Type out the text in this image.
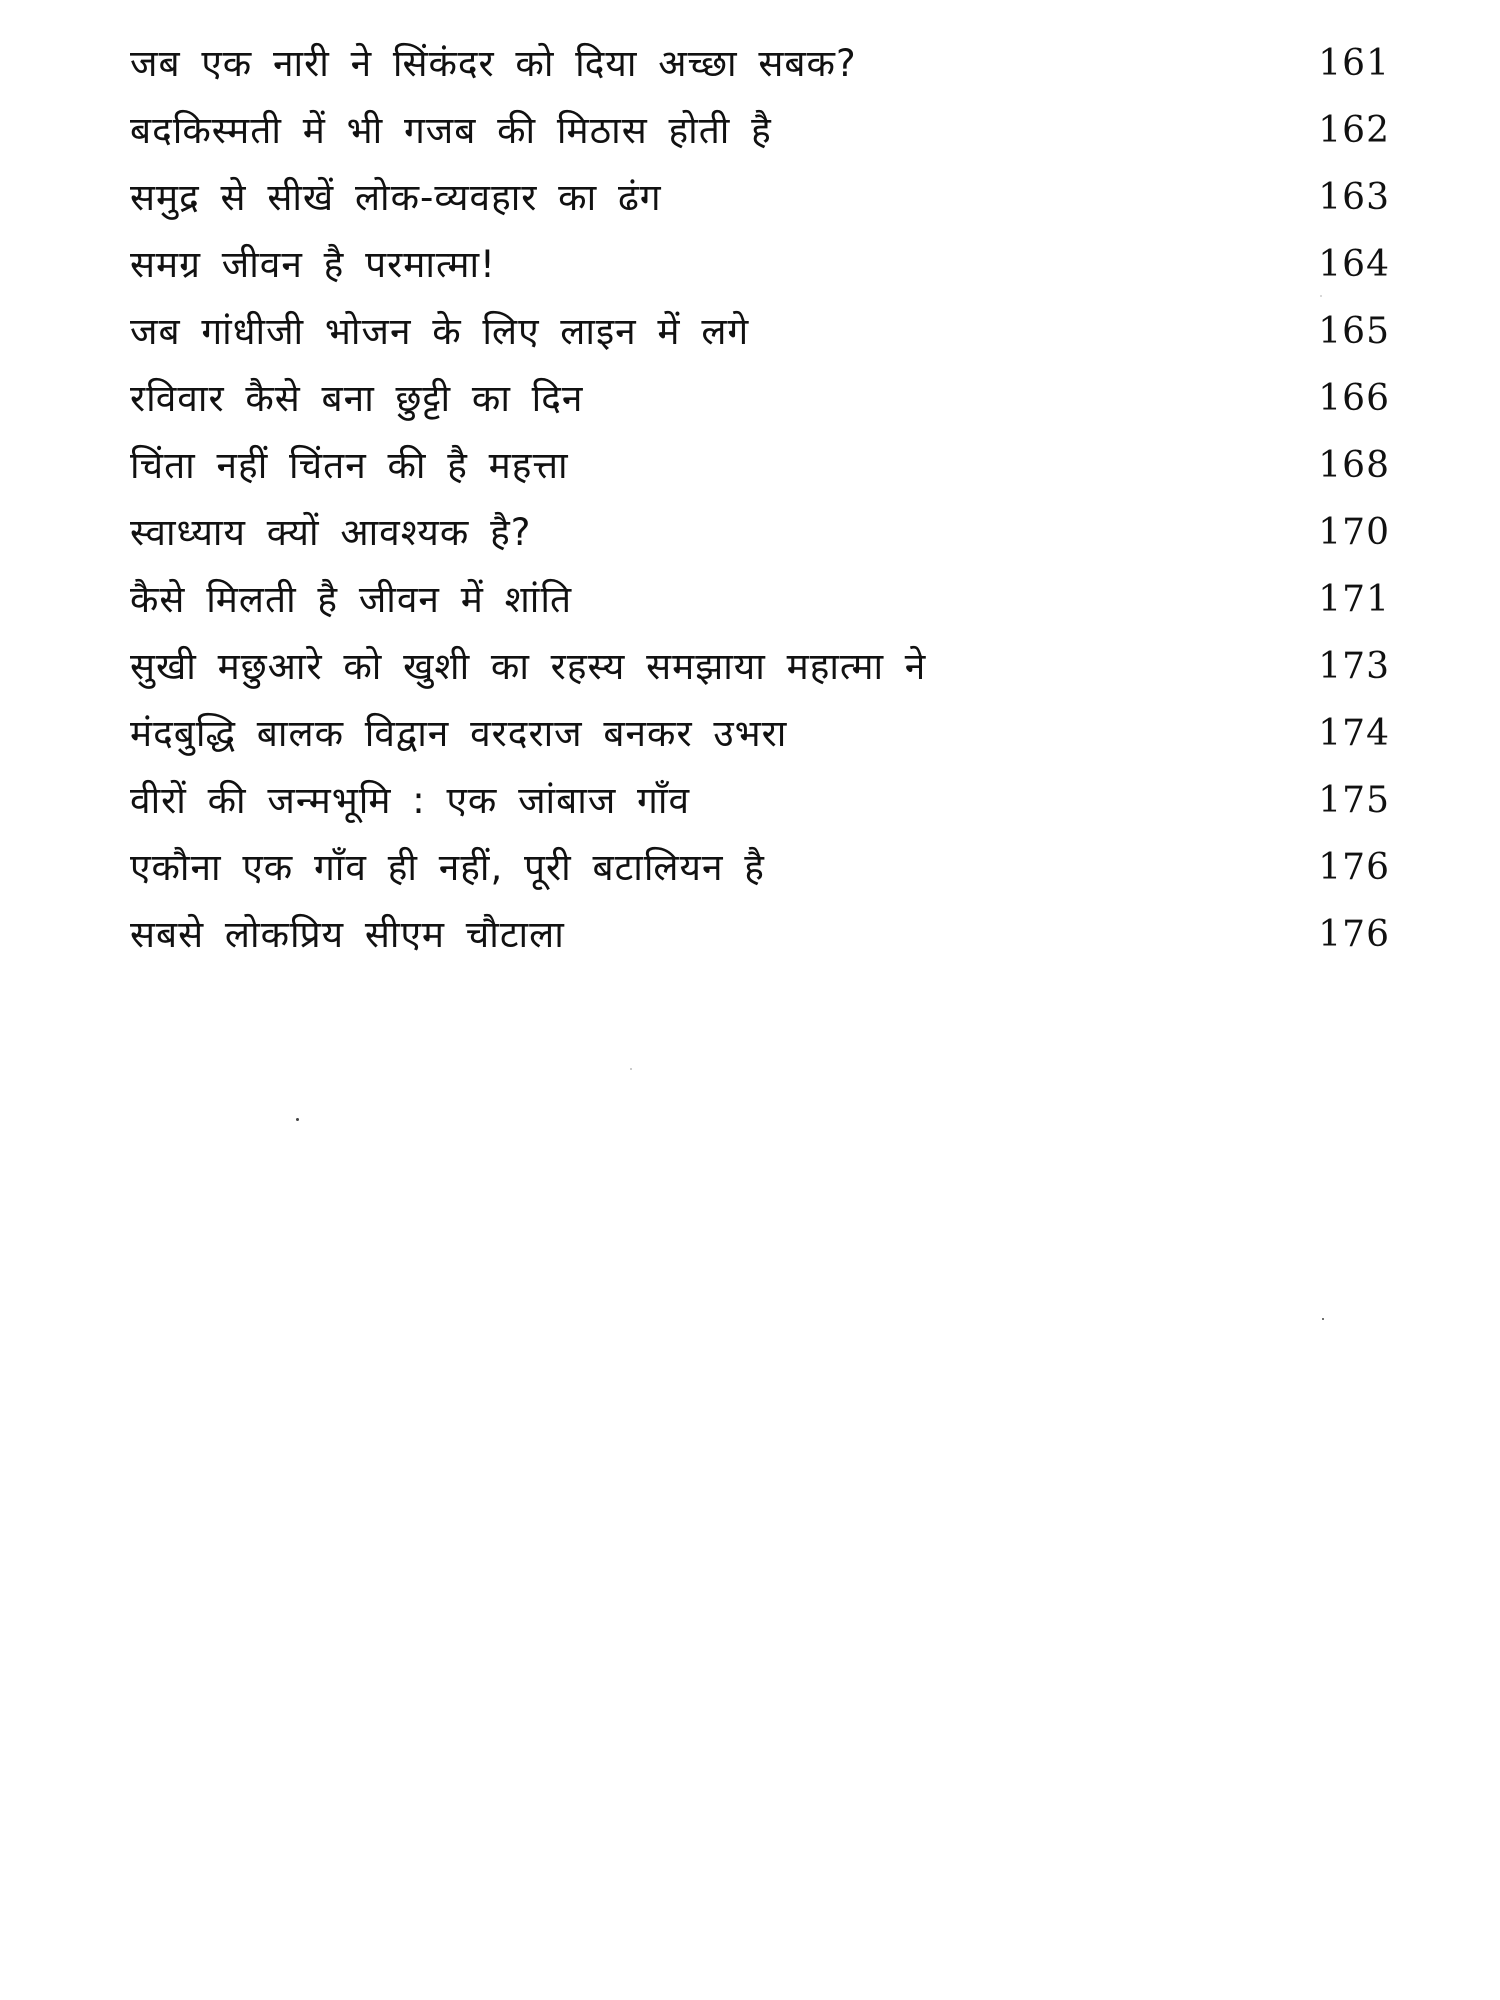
जब एक नारी ने सिंकंदर को दिया अच्छा सबक?	161
बदकिस्मती में भी गजब की मिठास होती है	162
समुद्र से सीखें लोक-व्यवहार का ढंग	163
समग्र जीवन है परमात्मा!	164
जब गांधीजी भोजन के लिए लाइन में लगे	165
रविवार कैसे बना छुट्टी का दिन	166
चिंता नहीं चिंतन की है महत्ता	168
स्वाध्याय क्यों आवश्यक है?	170
कैसे मिलती है जीवन में शांति	171
सुखी मछुआरे को खुशी का रहस्य समझाया महात्मा ने	173
मंदबुद्धि बालक विद्वान वरदराज बनकर उभरा	174
वीरों की जन्मभूमि : एक जांबाज गाँव	175
एकौना एक गाँव ही नहीं, पूरी बटालियन है	176
सबसे लोकप्रिय सीएम चौटाला	176
